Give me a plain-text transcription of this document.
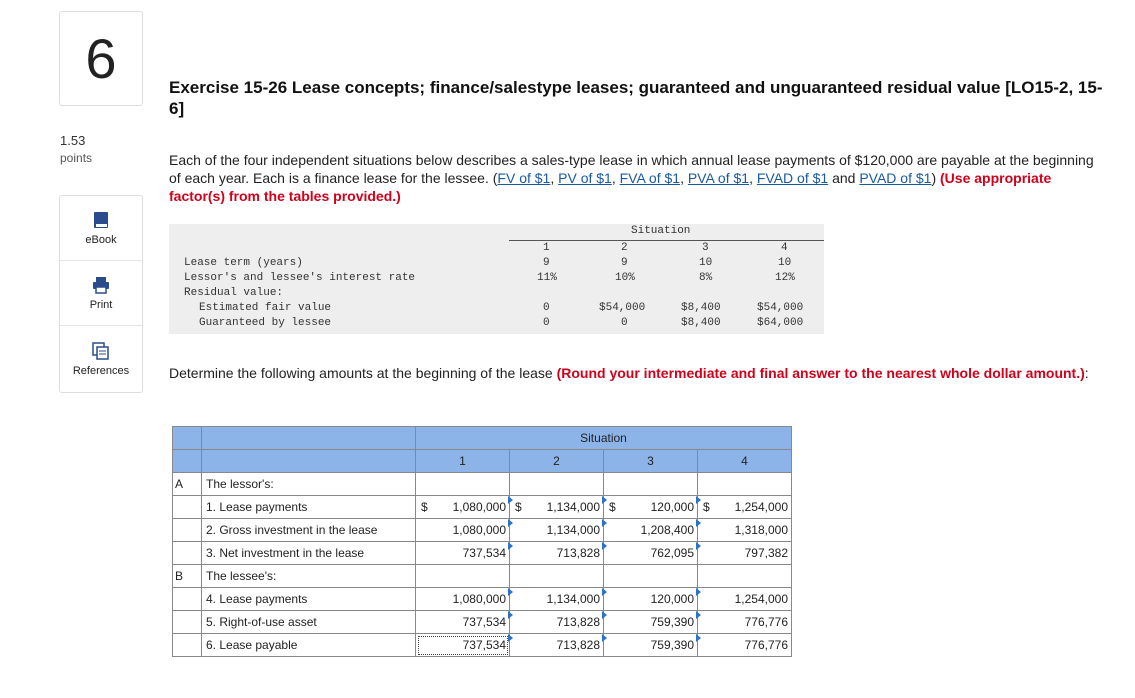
6
1.53
points
eBook
Print
References
Exercise 15-26 Lease concepts; finance/salestype leases; guaranteed and unguaranteed residual value [LO15-2, 15-6]
Each of the four independent situations below describes a sales-type lease in which annual lease payments of $120,000 are payable at the beginning of each year. Each is a finance lease for the lessee. (FV of $1, PV of $1, FVA of $1, PVA of $1, FVAD of $1 and PVAD of $1) (Use appropriate factor(s) from the tables provided.)
Situation
1	2	3	4
Lease term (years)	9	9	10	10
Lessor's and lessee's interest rate	11%	10%	8%	12%
Residual value:
Estimated fair value	0	$54,000	$8,400	$54,000
Guaranteed by lessee	0	0	$8,400	$64,000
Determine the following amounts at the beginning of the lease (Round your intermediate and final answer to the nearest whole dollar amount.):
		Situation			
		1	2	3	4
A	The lessor's:				
	1. Lease payments	$ 1,080,000	$ 1,134,000	$ 120,000	$ 1,254,000

	2. Gross investment in the lease	1,080,000	1,134,000	1,208,400	1,318,000

	3. Net investment in the lease	737,534	713,828	762,095	797,382

B	The lessee's:				
	4. Lease payments	1,080,000	1,134,000	120,000	1,254,000

	5. Right-of-use asset	737,534	713,828	759,390	776,776

	6. Lease payable	737,534	713,828	759,390	776,776
